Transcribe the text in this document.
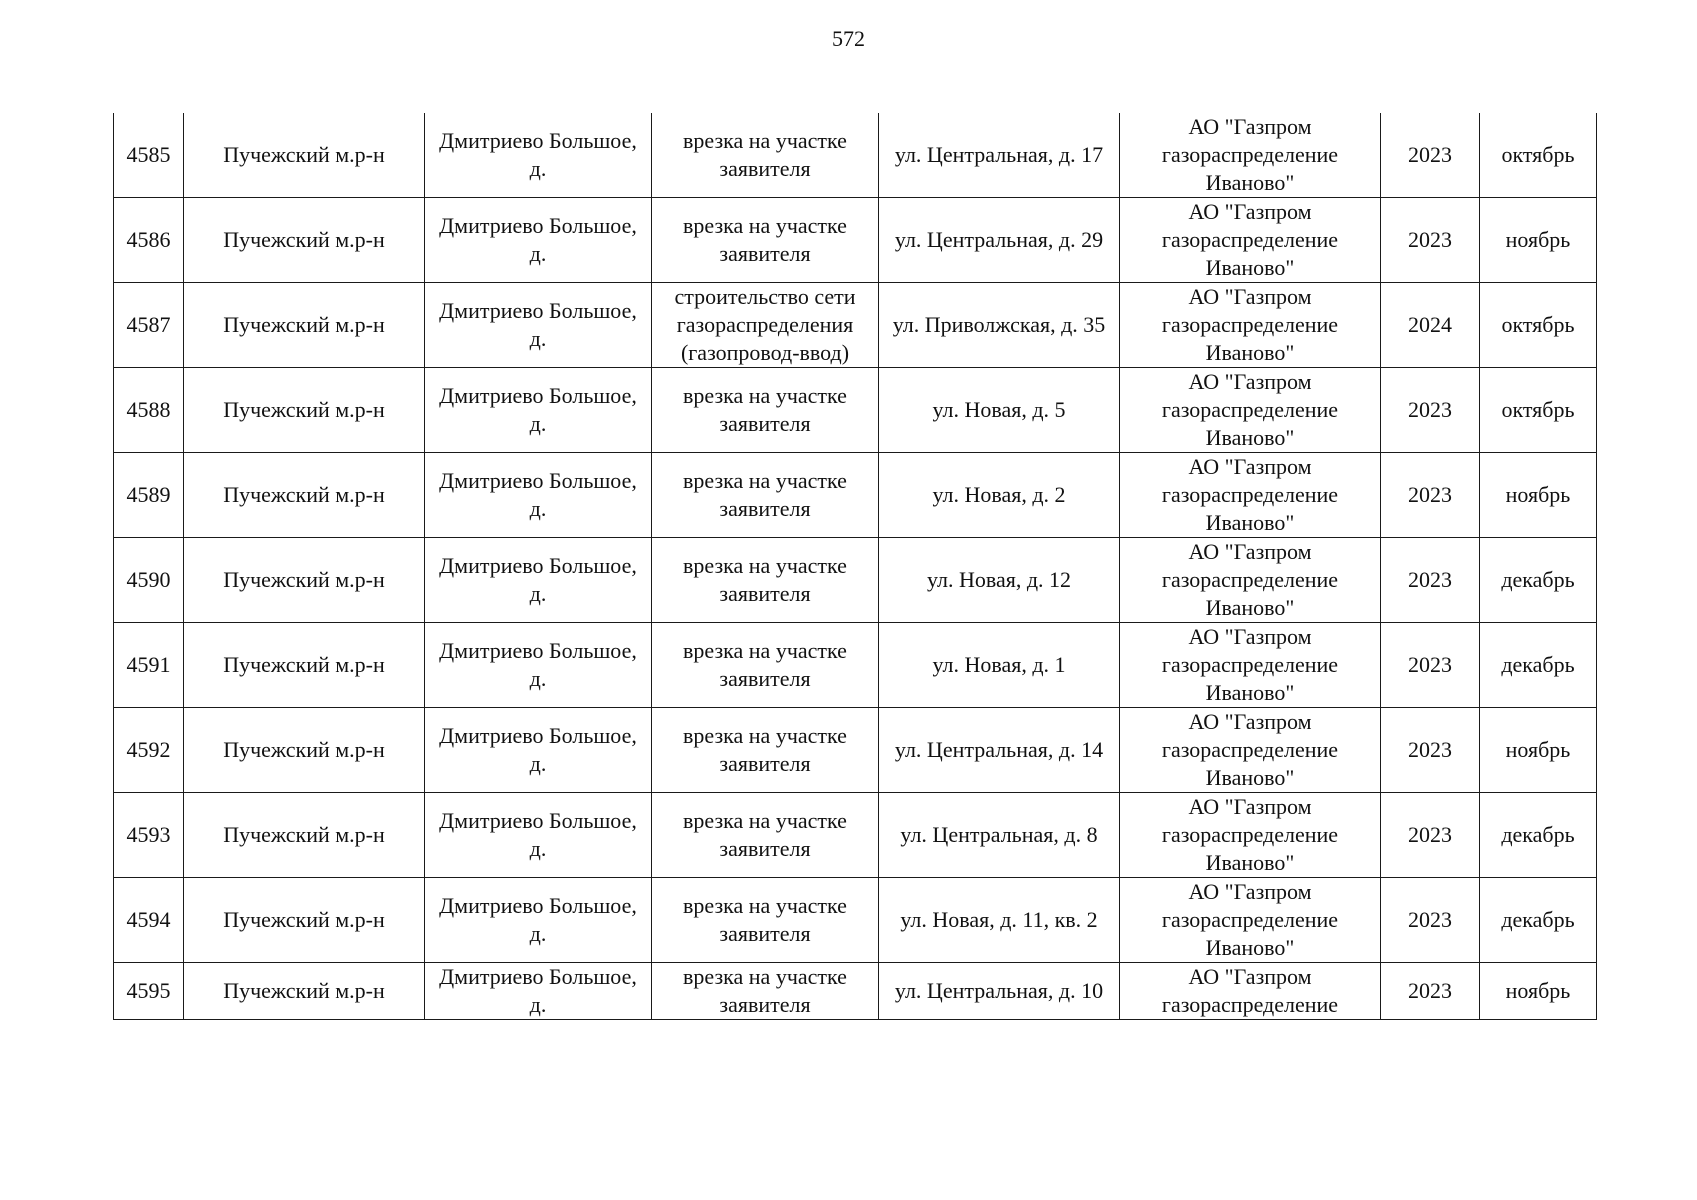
572
4585	Пучежский м.р-н	Дмитриево Большое, д.	врезка на участке заявителя	ул. Центральная, д. 17	АО "Газпром газораспределение Иваново"	2023	октябрь

4586	Пучежский м.р-н	Дмитриево Большое, д.	врезка на участке заявителя	ул. Центральная, д. 29	АО "Газпром газораспределение Иваново"	2023	ноябрь

4587	Пучежский м.р-н	Дмитриево Большое, д.	строительство сети газораспределения (газопровод-ввод)	ул. Приволжская, д. 35	АО "Газпром газораспределение Иваново"	2024	октябрь

4588	Пучежский м.р-н	Дмитриево Большое, д.	врезка на участке заявителя	ул. Новая, д. 5	АО "Газпром газораспределение Иваново"	2023	октябрь

4589	Пучежский м.р-н	Дмитриево Большое, д.	врезка на участке заявителя	ул. Новая, д. 2	АО "Газпром газораспределение Иваново"	2023	ноябрь

4590	Пучежский м.р-н	Дмитриево Большое, д.	врезка на участке заявителя	ул. Новая, д. 12	АО "Газпром газораспределение Иваново"	2023	декабрь

4591	Пучежский м.р-н	Дмитриево Большое, д.	врезка на участке заявителя	ул. Новая, д. 1	АО "Газпром газораспределение Иваново"	2023	декабрь

4592	Пучежский м.р-н	Дмитриево Большое, д.	врезка на участке заявителя	ул. Центральная, д. 14	АО "Газпром газораспределение Иваново"	2023	ноябрь

4593	Пучежский м.р-н	Дмитриево Большое, д.	врезка на участке заявителя	ул. Центральная, д. 8	АО "Газпром газораспределение Иваново"	2023	декабрь

4594	Пучежский м.р-н	Дмитриево Большое, д.	врезка на участке заявителя	ул. Новая, д. 11, кв. 2	АО "Газпром газораспределение Иваново"	2023	декабрь

4595	Пучежский м.р-н	Дмитриево Большое, д.	врезка на участке заявителя	ул. Центральная, д. 10	АО "Газпром газораспределение	2023	ноябрь
